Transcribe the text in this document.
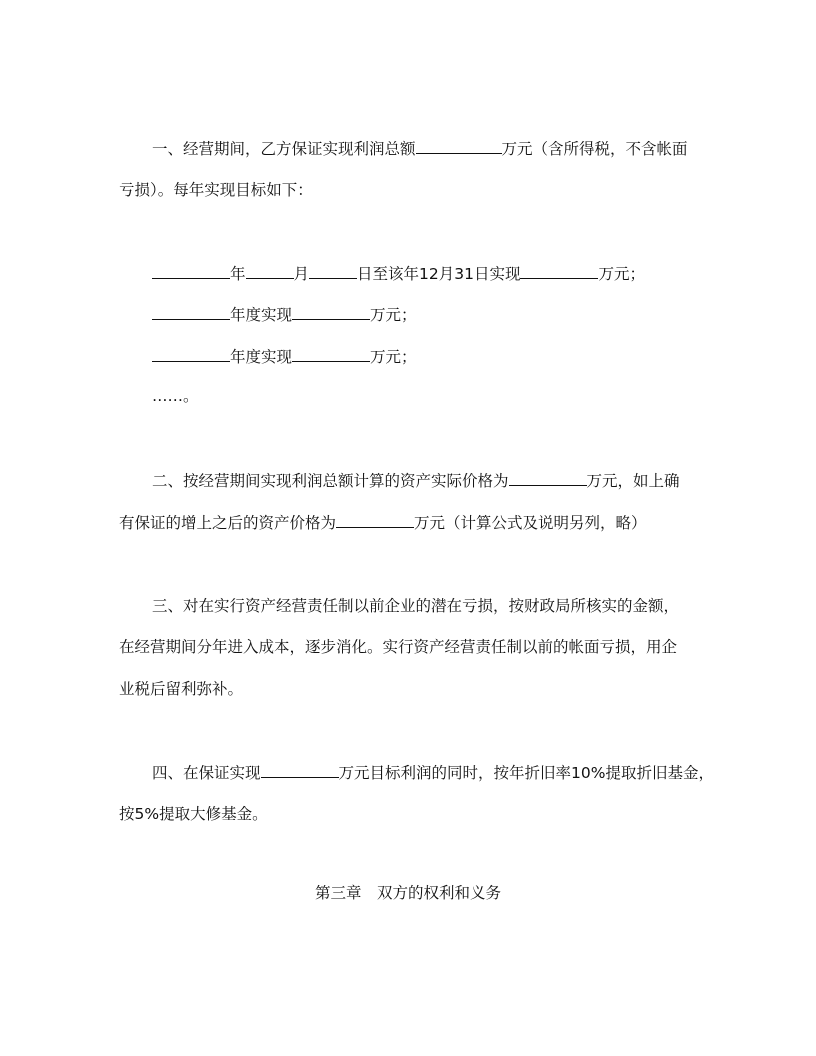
一、经营期间，乙方保证实现利润总额	万元（含所得税，不含帐面
亏损）。每年实现目标如下：
年	月	日至该年12月31日实现	万元；
年度实现	万元；
年度实现	万元；
……。
二、按经营期间实现利润总额计算的资产实际价格为	万元，如上确
有保证的增上之后的资产价格为	万元（计算公式及说明另列，略）
三、对在实行资产经营责任制以前企业的潜在亏损，按财政局所核实的金额，
在经营期间分年进入成本，逐步消化。实行资产经营责任制以前的帐面亏损，用企
业税后留利弥补。
四、在保证实现	万元目标利润的同时，按年折旧率10%提取折旧基金，
按5%提取大修基金。
第三章　双方的权利和义务
